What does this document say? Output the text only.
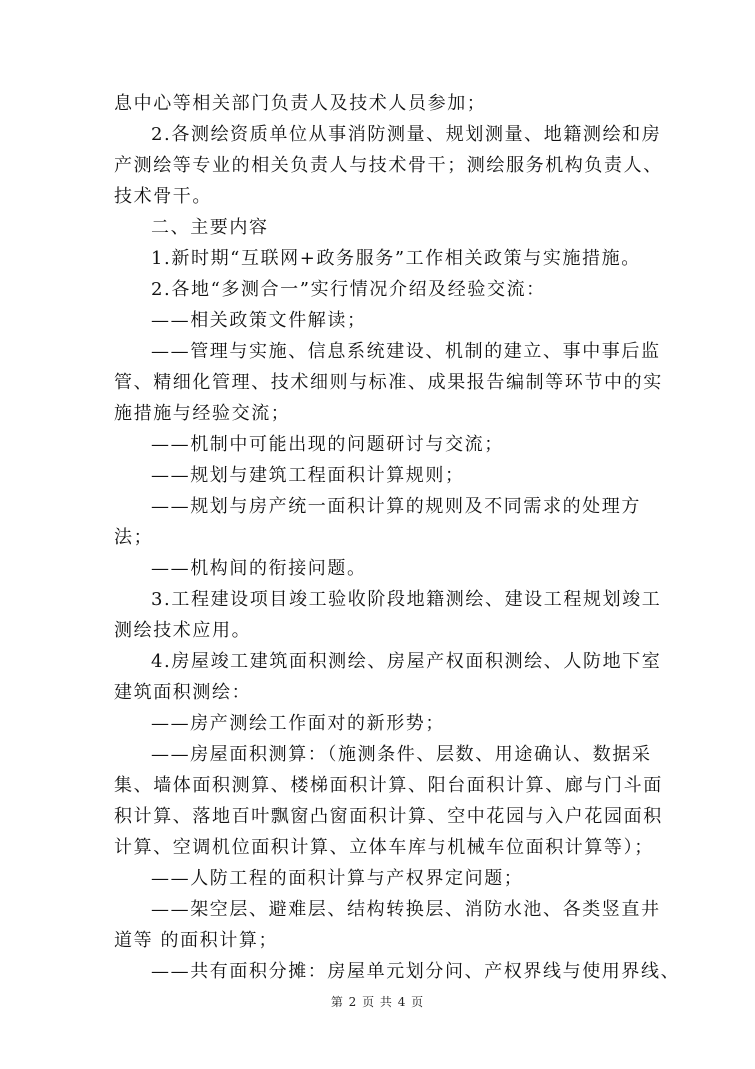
息中心等相关部门负责人及技术人员参加；
2.各测绘资质单位从事消防测量、规划测量、地籍测绘和房
产测绘等专业的相关负责人与技术骨干；测绘服务机构负责人、
技术骨干。
二、主要内容
1.新时期“互联网+政务服务”工作相关政策与实施措施。
2.各地“多测合一”实行情况介绍及经验交流：
——相关政策文件解读；
——管理与实施、信息系统建设、机制的建立、事中事后监
管、精细化管理、技术细则与标准、成果报告编制等环节中的实
施措施与经验交流；
——机制中可能出现的问题研讨与交流；
——规划与建筑工程面积计算规则；
——规划与房产统一面积计算的规则及不同需求的处理方
法；
——机构间的衔接问题。
3.工程建设项目竣工验收阶段地籍测绘、建设工程规划竣工
测绘技术应用。
4.房屋竣工建筑面积测绘、房屋产权面积测绘、人防地下室
建筑面积测绘：
——房产测绘工作面对的新形势；
——房屋面积测算：（施测条件、层数、用途确认、数据采
集、墙体面积测算、楼梯面积计算、阳台面积计算、廊与门斗面
积计算、落地百叶飘窗凸窗面积计算、空中花园与入户花园面积
计算、空调机位面积计算、立体车库与机械车位面积计算等）；
——人防工程的面积计算与产权界定问题；
——架空层、避难层、结构转换层、消防水池、各类竖直井
道等 的面积计算；
——共有面积分摊：房屋单元划分问、产权界线与使用界线、
第 2 页 共 4 页
